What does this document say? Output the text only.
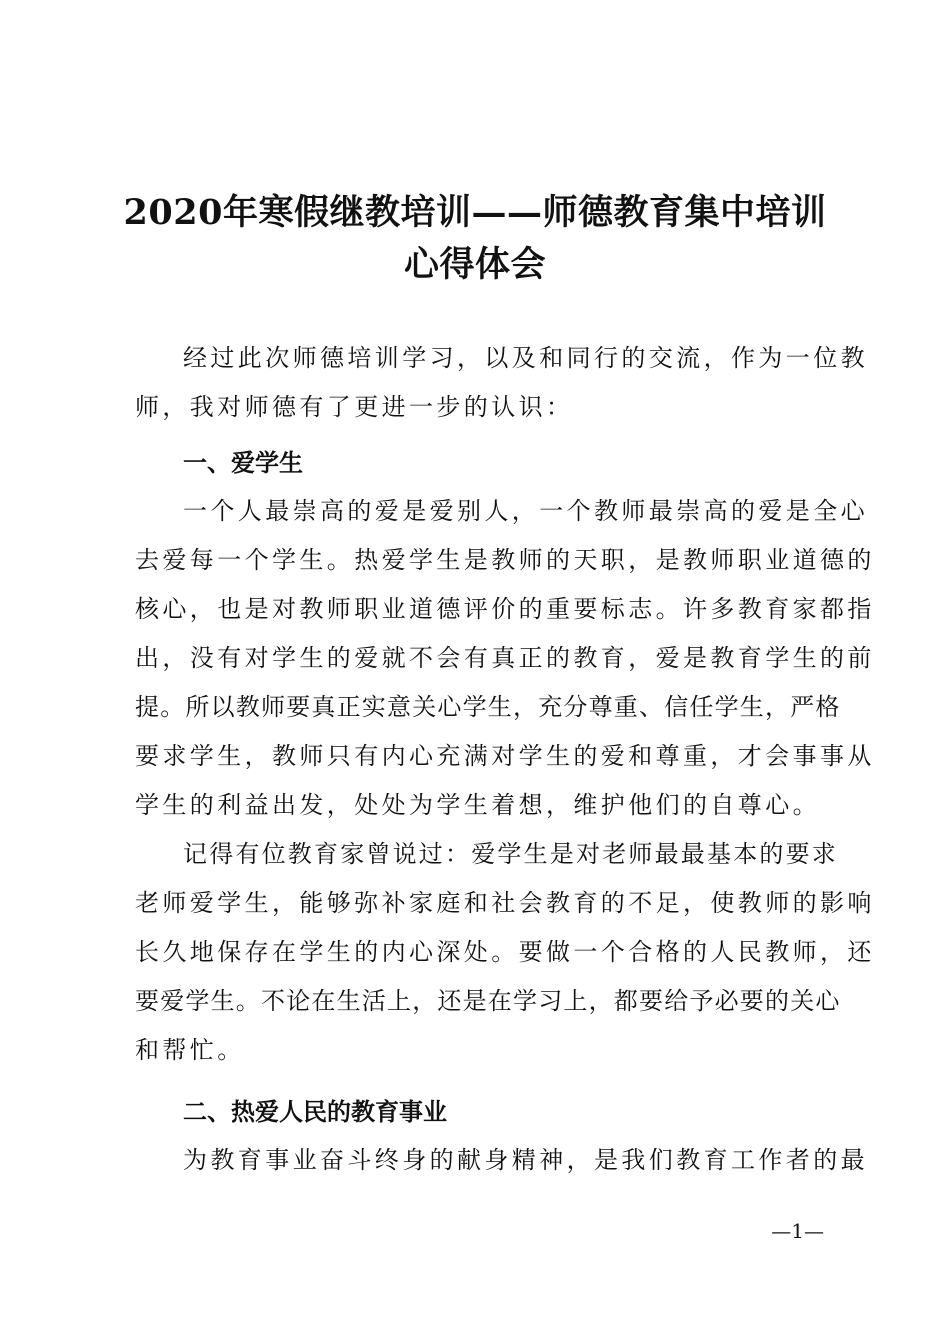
2020年寒假继教培训——师德教育集中培训
心得体会
经过此次师德培训学习，以及和同行的交流，作为一位教
师，我对师德有了更进一步的认识：
一、爱学生
一个人最崇高的爱是爱别人，一个教师最崇高的爱是全心
去爱每一个学生。热爱学生是教师的天职，是教师职业道德的
核心，也是对教师职业道德评价的重要标志。许多教育家都指
出，没有对学生的爱就不会有真正的教育，爱是教育学生的前
提。所以教师要真正实意关心学生，充分尊重、信任学生，严格
要求学生，教师只有内心充满对学生的爱和尊重，才会事事从
学生的利益出发，处处为学生着想，维护他们的自尊心。
记得有位教育家曾说过：爱学生是对老师最最基本的要求
老师爱学生，能够弥补家庭和社会教育的不足，使教师的影响
长久地保存在学生的内心深处。要做一个合格的人民教师，还
要爱学生。不论在生活上，还是在学习上，都要给予必要的关心
和帮忙。
二、热爱人民的教育事业
为教育事业奋斗终身的献身精神，是我们教育工作者的最
—1—
